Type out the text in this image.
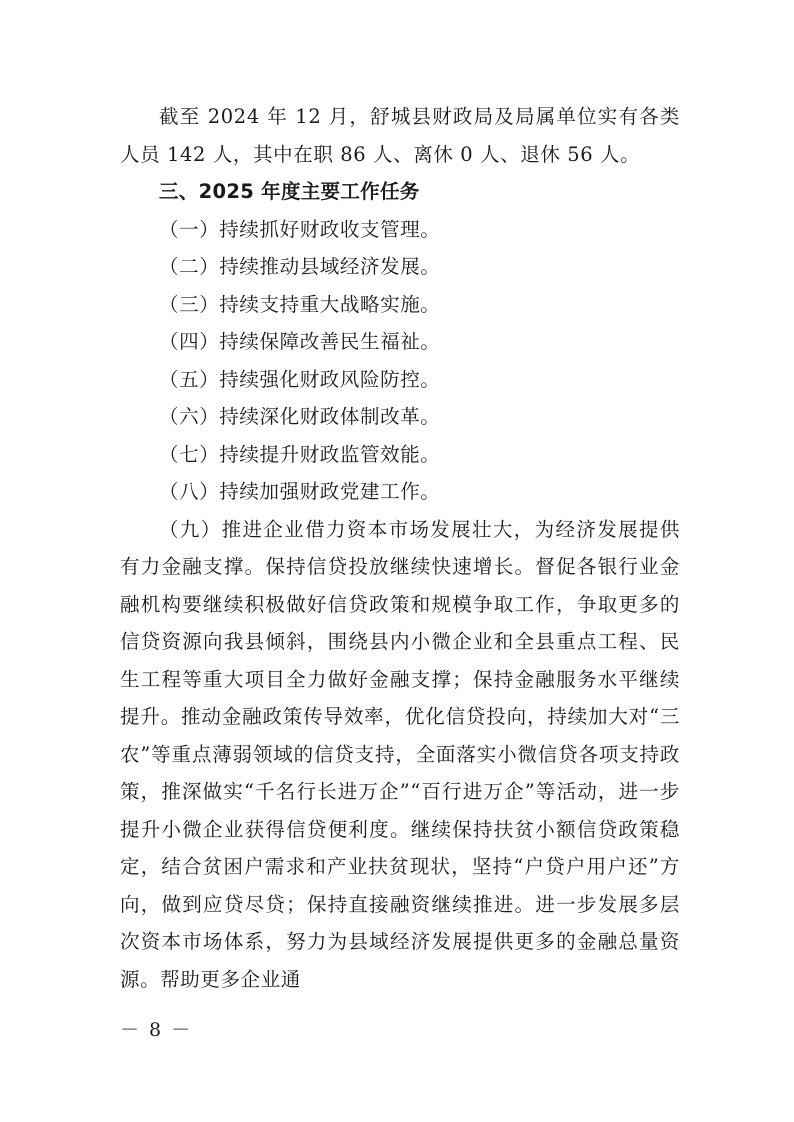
截至 2024 年 12 月，舒城县财政局及局属单位实有各类人员 142 人，其中在职 86 人、离休 0 人、退休 56 人。

三、2025 年度主要工作任务

（一）持续抓好财政收支管理。
（二）持续推动县域经济发展。
（三）持续支持重大战略实施。
（四）持续保障改善民生福祉。
（五）持续强化财政风险防控。
（六）持续深化财政体制改革。
（七）持续提升财政监管效能。
（八）持续加强财政党建工作。

（九）推进企业借力资本市场发展壮大，为经济发展提供有力金融支撑。保持信贷投放继续快速增长。督促各银行业金融机构要继续积极做好信贷政策和规模争取工作，争取更多的信贷资源向我县倾斜，围绕县内小微企业和全县重点工程、民生工程等重大项目全力做好金融支撑；保持金融服务水平继续提升。推动金融政策传导效率，优化信贷投向，持续加大对“三农”等重点薄弱领域的信贷支持，全面落实小微信贷各项支持政策，推深做实“千名行长进万企”“百行进万企”等活动，进一步提升小微企业获得信贷便利度。继续保持扶贫小额信贷政策稳定，结合贫困户需求和产业扶贫现状，坚持“户贷户用户还”方向，做到应贷尽贷；保持直接融资继续推进。进一步发展多层次资本市场体系，努力为县域经济发展提供更多的金融总量资源。帮助更多企业通

－ 8 －
